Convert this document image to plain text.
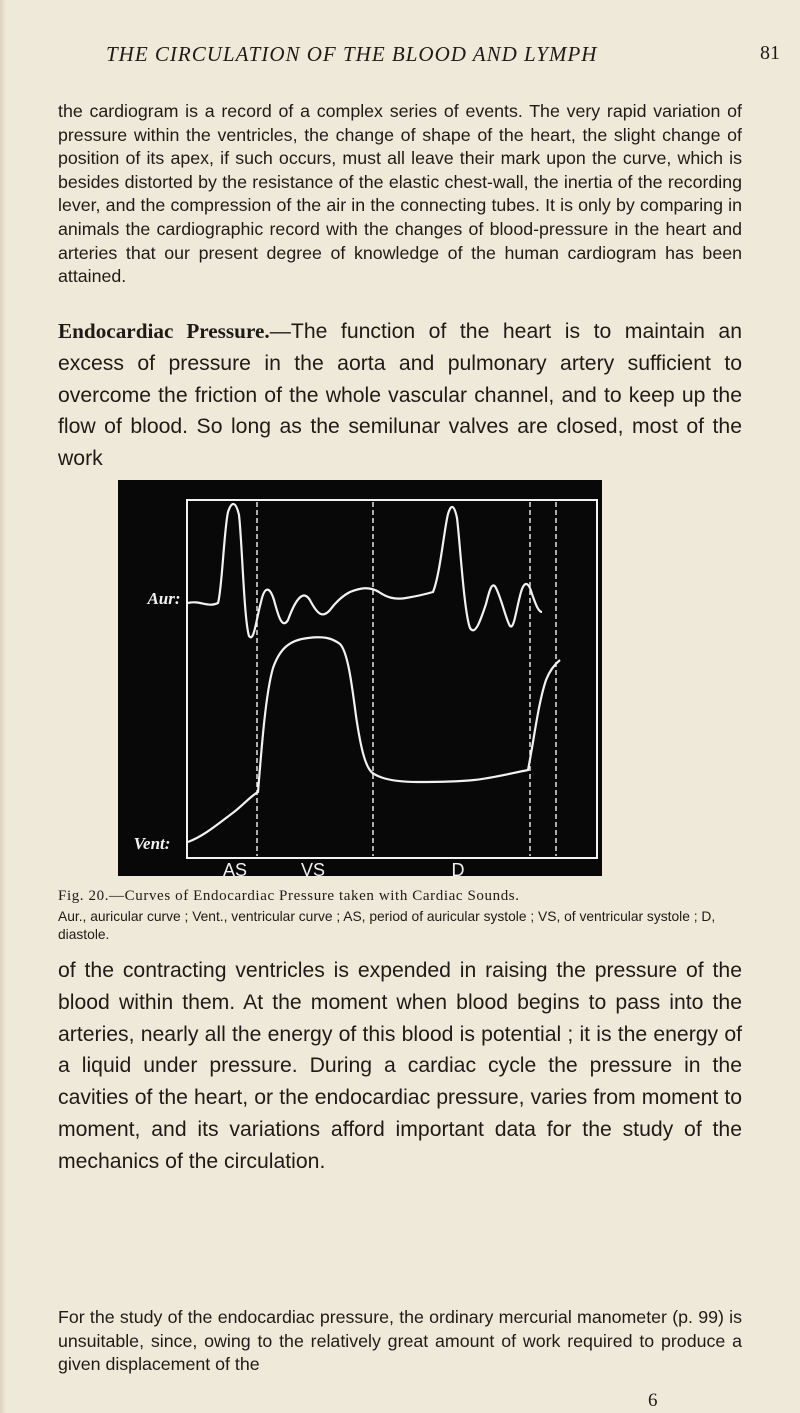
THE CIRCULATION OF THE BLOOD AND LYMPH	81

the cardiogram is a record of a complex series of events. The very rapid variation of pressure within the ventricles, the change of shape of the heart, the slight change of position of its apex, if such occurs, must all leave their mark upon the curve, which is besides distorted by the resistance of the elastic chest-wall, the inertia of the recording lever, and the compression of the air in the connecting tubes. It is only by comparing in animals the cardiographic record with the changes of blood-pressure in the heart and arteries that our present degree of knowledge of the human cardiogram has been attained.

Endocardiac Pressure.—The function of the heart is to maintain an excess of pressure in the aorta and pulmonary artery sufficient to overcome the friction of the whole vascular channel, and to keep up the flow of blood. So long as the semilunar valves are closed, most of the work

Aur:
Vent:
AS	VS	D
Fig. 20.—Curves of Endocardiac Pressure taken with Cardiac Sounds.

Aur., auricular curve ; Vent., ventricular curve ; AS, period of auricular systole ; VS, of ventricular systole ; D, diastole.

of the contracting ventricles is expended in raising the pressure of the blood within them. At the moment when blood begins to pass into the arteries, nearly all the energy of this blood is potential ; it is the energy of a liquid under pressure. During a cardiac cycle the pressure in the cavities of the heart, or the endocardiac pressure, varies from moment to moment, and its variations afford important data for the study of the mechanics of the circulation.

For the study of the endocardiac pressure, the ordinary mercurial manometer (p. 99) is unsuitable, since, owing to the relatively great amount of work required to produce a given displacement of the

6
